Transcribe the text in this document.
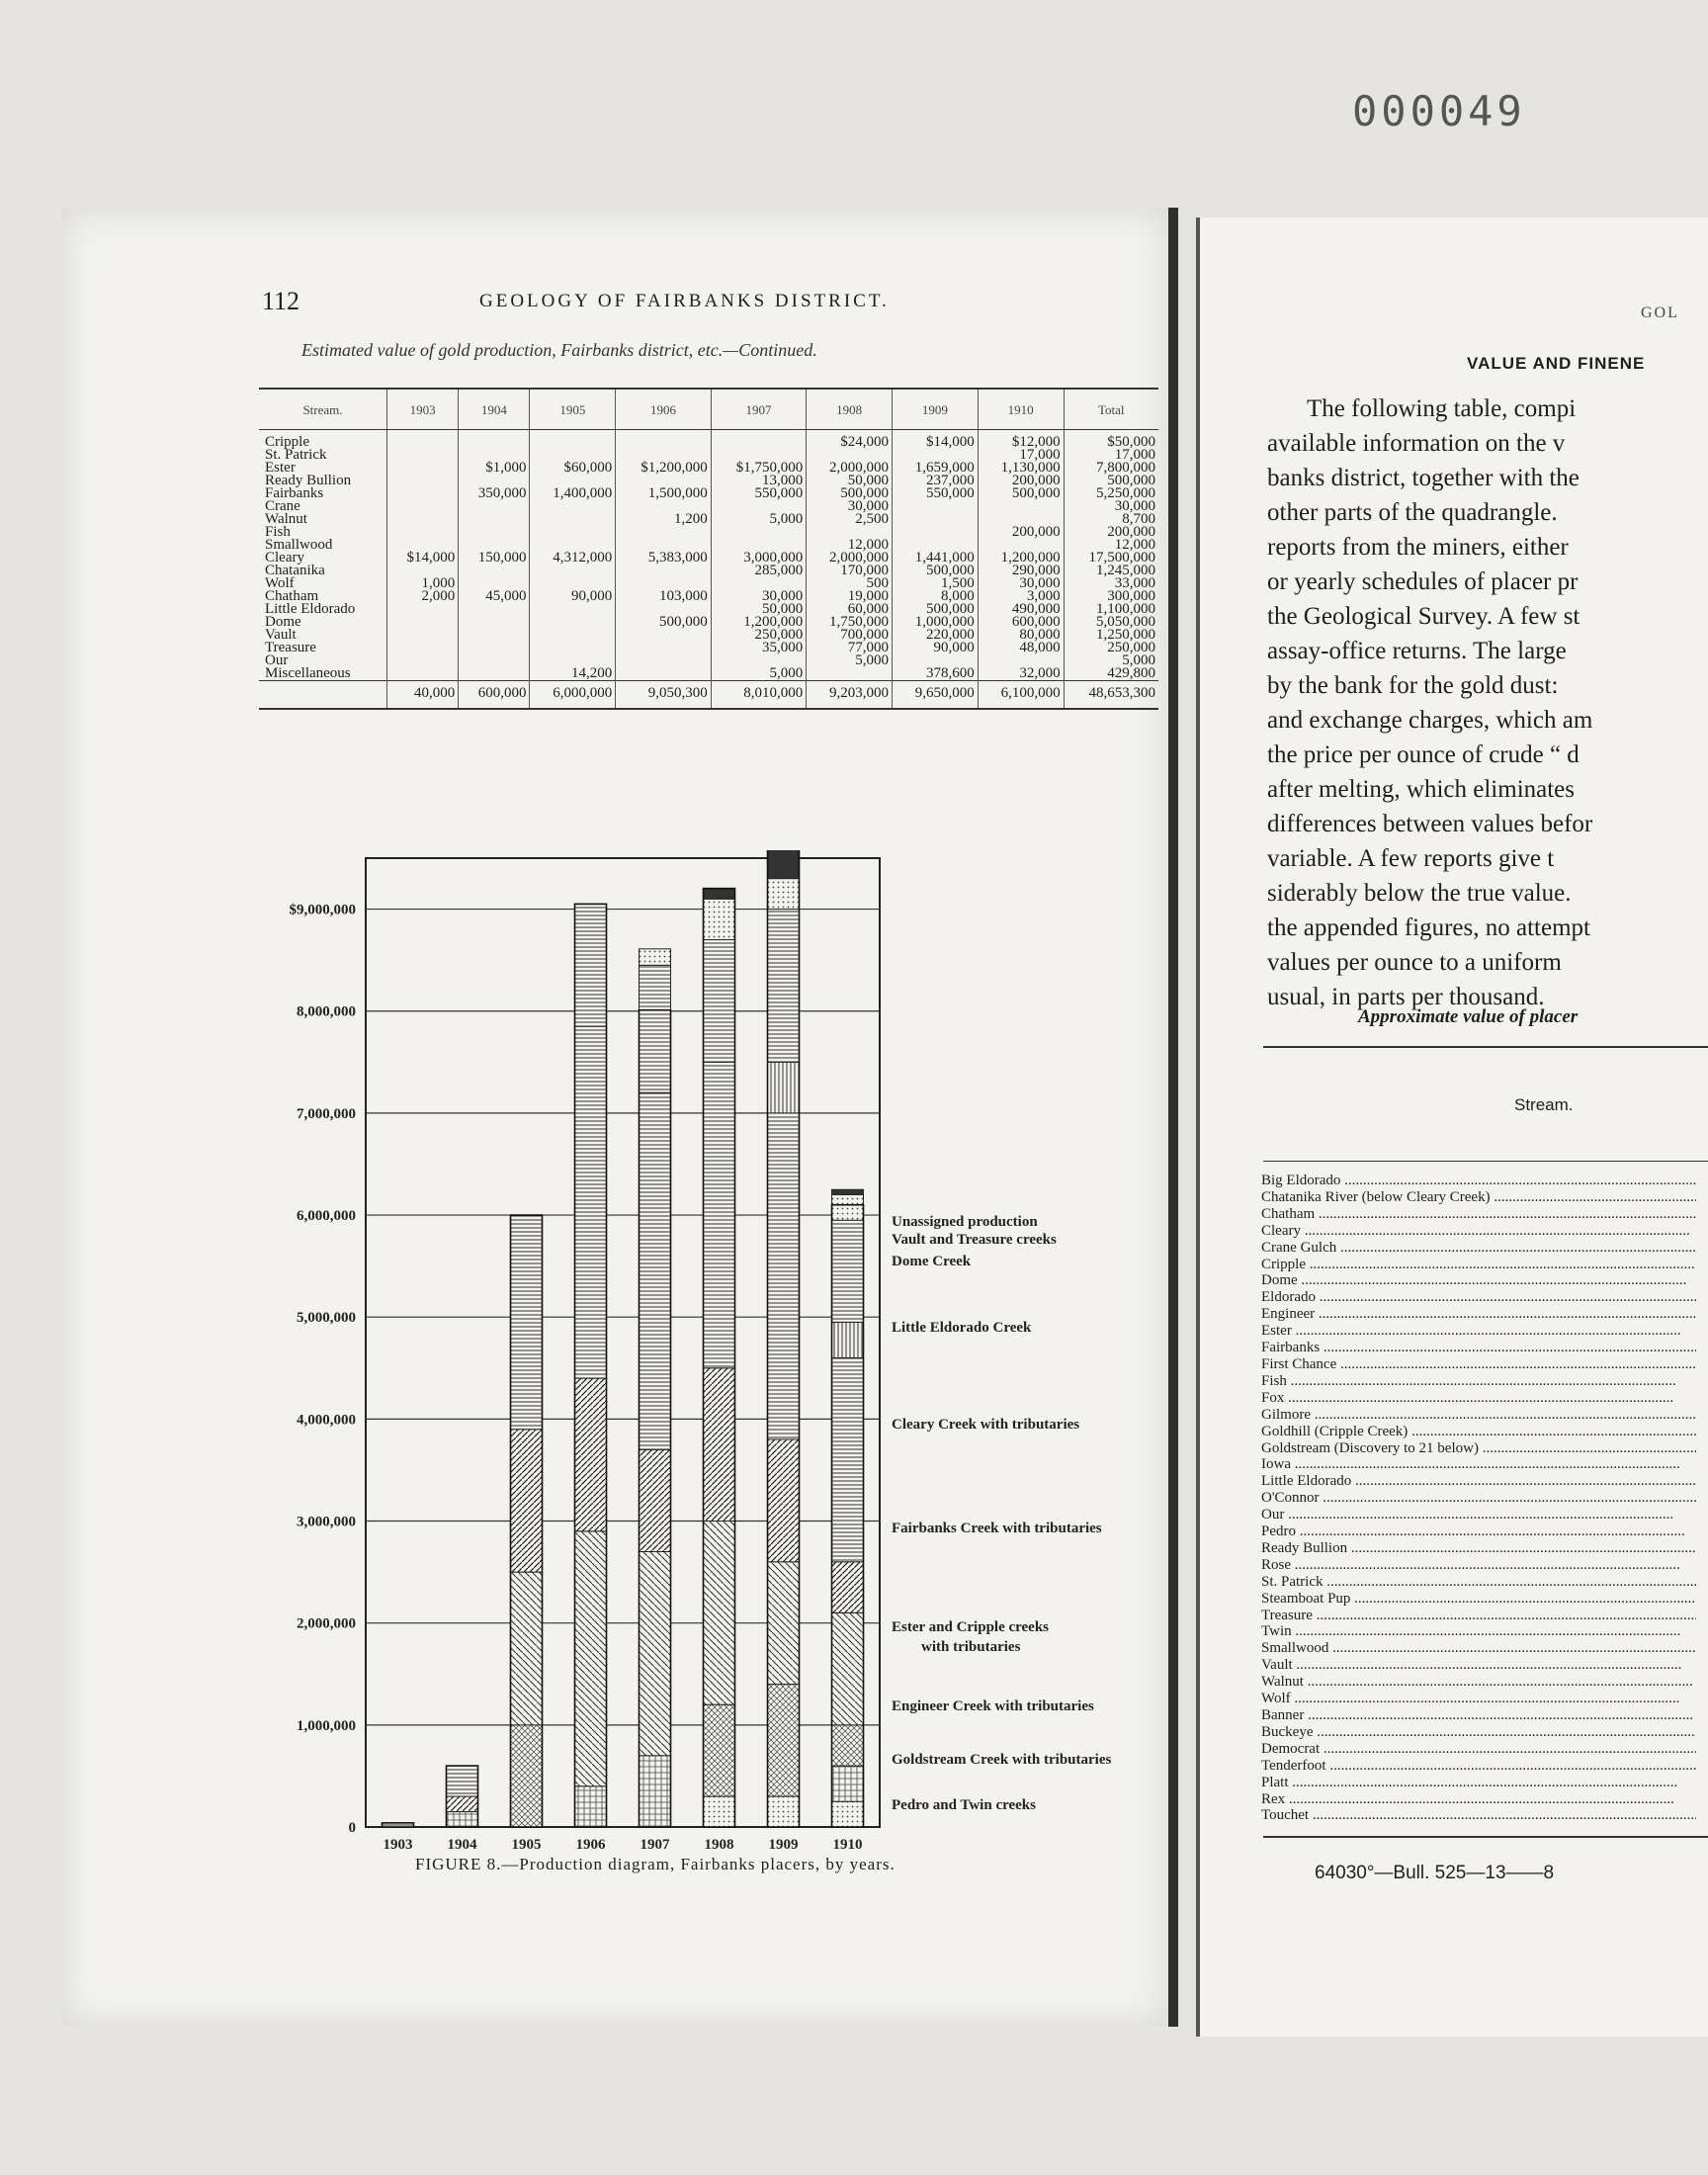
000049
112	GEOLOGY OF FAIRBANKS DISTRICT.
Estimated value of gold production, Fairbanks district, etc.—Continued.
Stream.	1903	1904	1905	1906	1907	1908	1909	1910	Total
Cripple						$24,000	$14,000	$12,000	$50,000
St. Patrick								17,000	17,000
Ester		$1,000	$60,000	$1,200,000	$1,750,000	2,000,000	1,659,000	1,130,000	7,800,000
Ready Bullion					13,000	50,000	237,000	200,000	500,000
Fairbanks		350,000	1,400,000	1,500,000	550,000	500,000	550,000	500,000	5,250,000
Crane						30,000			30,000
Walnut				1,200	5,000	2,500			8,700
Fish								200,000	200,000
Smallwood						12,000			12,000
Cleary	$14,000	150,000	4,312,000	5,383,000	3,000,000	2,000,000	1,441,000	1,200,000	17,500,000
Chatanika					285,000	170,000	500,000	290,000	1,245,000
Wolf	1,000					500	1,500	30,000	33,000
Chatham	2,000	45,000	90,000	103,000	30,000	19,000	8,000	3,000	300,000
Little Eldorado					50,000	60,000	500,000	490,000	1,100,000
Dome				500,000	1,200,000	1,750,000	1,000,000	600,000	5,050,000
Vault					250,000	700,000	220,000	80,000	1,250,000
Treasure					35,000	77,000	90,000	48,000	250,000
Our						5,000			5,000
Miscellaneous			14,200		5,000		378,600	32,000	429,800
	40,000	600,000	6,000,000	9,050,300	8,010,000	9,203,000	9,650,000	6,100,000	48,653,300
0
1,000,000
2,000,000
3,000,000
4,000,000
5,000,000
6,000,000
7,000,000
8,000,000
$9,000,000
1903 1904 1905 1906 1907 1908 1909 1910
Pedro and Twin creeks
Goldstream Creek with tributaries
Engineer Creek with tributaries
Ester and Cripple creeks with tributaries
Fairbanks Creek with tributaries
Cleary Creek with tributaries
Little Eldorado Creek
Dome Creek
Vault and Treasure creeks
Unassigned production
FIGURE 8.—Production diagram, Fairbanks placers, by years.
GOL
VALUE AND FINENE
The following table, compi
available information on the v
banks district, together with the
other parts of the quadrangle.
reports from the miners, either
or yearly schedules of placer pr
the Geological Survey. A few st
assay-office returns. The large
by the bank for the gold dust:
and exchange charges, which am
the price per ounce of crude “ d
after melting, which eliminates
differences between values befor
variable. A few reports give t
siderably below the true value.
the appended figures, no attempt
values per ounce to a uniform
usual, in parts per thousand.
Approximate value of placer
Stream.
Big Eldorado .....
Chatanika River (below Cleary Creek) .....
Chatham .....
Cleary .....
Crane Gulch .....
Cripple .....
Dome .....
Eldorado .....
Engineer .....
Ester .....
Fairbanks .....
First Chance .....
Fish .....
Fox .....
Gilmore .....
Goldhill (Cripple Creek) .....
Goldstream (Discovery to 21 below) .....
Iowa .....
Little Eldorado .....
O'Connor .....
Our .....
Pedro .....
Ready Bullion .....
Rose .....
St. Patrick .....
Steamboat Pup .....
Treasure .....
Twin .....
Smallwood .....
Vault .....
Walnut .....
Wolf .....
Banner .....
Buckeye .....
Democrat .....
Tenderfoot .....
Platt .....
Rex .....
Touchet .....
64030°—Bull. 525—13——8
